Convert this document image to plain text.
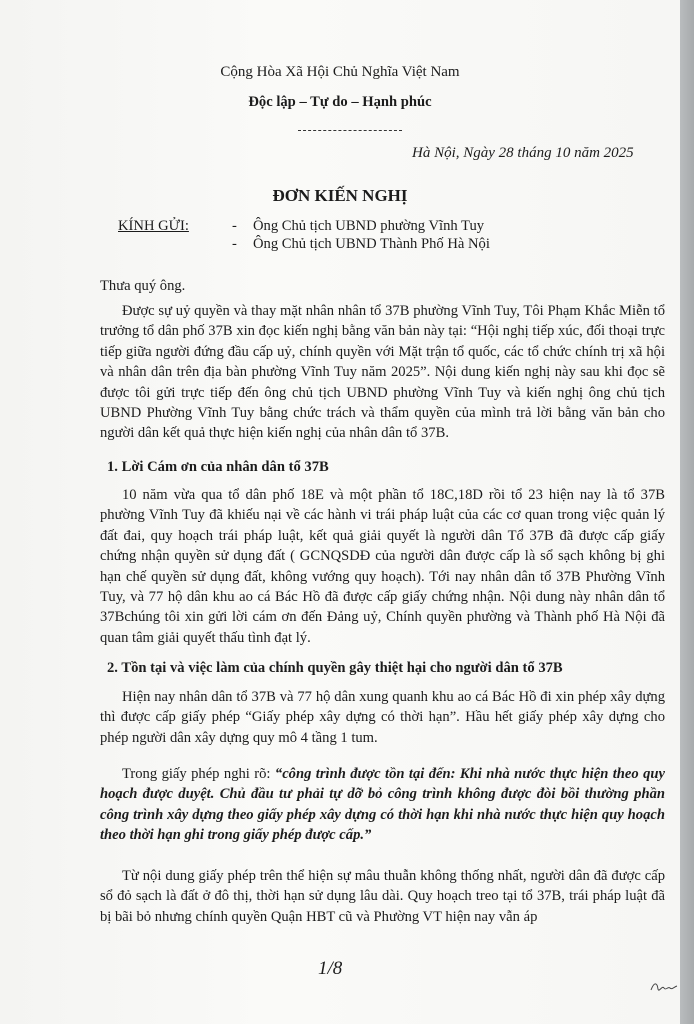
Cộng Hòa Xã Hội Chủ Nghĩa Việt Nam
Độc lập – Tự do – Hạnh phúc
Hà Nội, Ngày 28 tháng 10 năm 2025
ĐƠN KIẾN NGHỊ
KÍNH GỬI:	- Ông Chủ tịch UBND phường Vĩnh Tuy
- Ông Chủ tịch UBND Thành Phố Hà Nội
Thưa quý ông.
Được sự uỷ quyền và thay mặt nhân nhân tổ 37B phường Vĩnh Tuy, Tôi Phạm Khắc Miễn tổ trưởng tổ dân phố 37B xin đọc kiến nghị bằng văn bản này tại: “Hội nghị tiếp xúc, đối thoại trực tiếp giữa người đứng đầu cấp uỷ, chính quyền với Mặt trận tổ quốc, các tổ chức chính trị xã hội và nhân dân trên địa bàn phường Vĩnh Tuy năm 2025”. Nội dung kiến nghị này sau khi đọc sẽ được tôi gửi trực tiếp đến ông chủ tịch UBND phường Vĩnh Tuy và kiến nghị ông chủ tịch UBND Phường Vĩnh Tuy bằng chức trách và thẩm quyền của mình trả lời bằng văn bản cho người dân kết quả thực hiện kiến nghị của nhân dân tổ 37B.
1. Lời Cám ơn của nhân dân tổ 37B
10 năm vừa qua tổ dân phố 18E và một phần tổ 18C,18D rồi tổ 23 hiện nay là tổ 37B phường Vĩnh Tuy đã khiếu nại về các hành vi trái pháp luật của các cơ quan trong việc quản lý đất đai, quy hoạch trái pháp luật, kết quả giải quyết là người dân Tổ 37B đã được cấp giấy chứng nhận quyền sử dụng đất ( GCNQSDĐ của người dân được cấp là sổ sạch không bị ghi hạn chế quyền sử dụng đất, không vướng quy hoạch). Tới nay nhân dân tổ 37B Phường Vĩnh Tuy, và 77 hộ dân khu ao cá Bác Hồ đã được cấp giấy chứng nhận. Nội dung này nhân dân tổ 37Bchúng tôi xin gửi lời cám ơn đến Đảng uỷ, Chính quyền phường và Thành phố Hà Nội đã quan tâm giải quyết thấu tình đạt lý.
2. Tồn tại và việc làm của chính quyền gây thiệt hại cho người dân tổ 37B
Hiện nay nhân dân tổ 37B và 77 hộ dân xung quanh khu ao cá Bác Hồ đi xin phép xây dựng thì được cấp giấy phép “Giấy phép xây dựng có thời hạn”. Hầu hết giấy phép xây dựng cho phép người dân xây dựng quy mô 4 tầng 1 tum.
Trong giấy phép nghi rõ: “công trình được tồn tại đến: Khi nhà nước thực hiện theo quy hoạch được duyệt. Chủ đầu tư phải tự dỡ bỏ công trình không được đòi bồi thường phần công trình xây dựng theo giấy phép xây dựng có thời hạn khi nhà nước thực hiện quy hoạch theo thời hạn ghi trong giấy phép được cấp.”
Từ nội dung giấy phép trên thể hiện sự mâu thuẫn không thống nhất, người dân đã được cấp sổ đỏ sạch là đất ở đô thị, thời hạn sử dụng lâu dài. Quy hoạch treo tại tổ 37B, trái pháp luật đã bị bãi bỏ nhưng chính quyền Quận HBT cũ và Phường VT hiện nay vẫn áp
1/8
